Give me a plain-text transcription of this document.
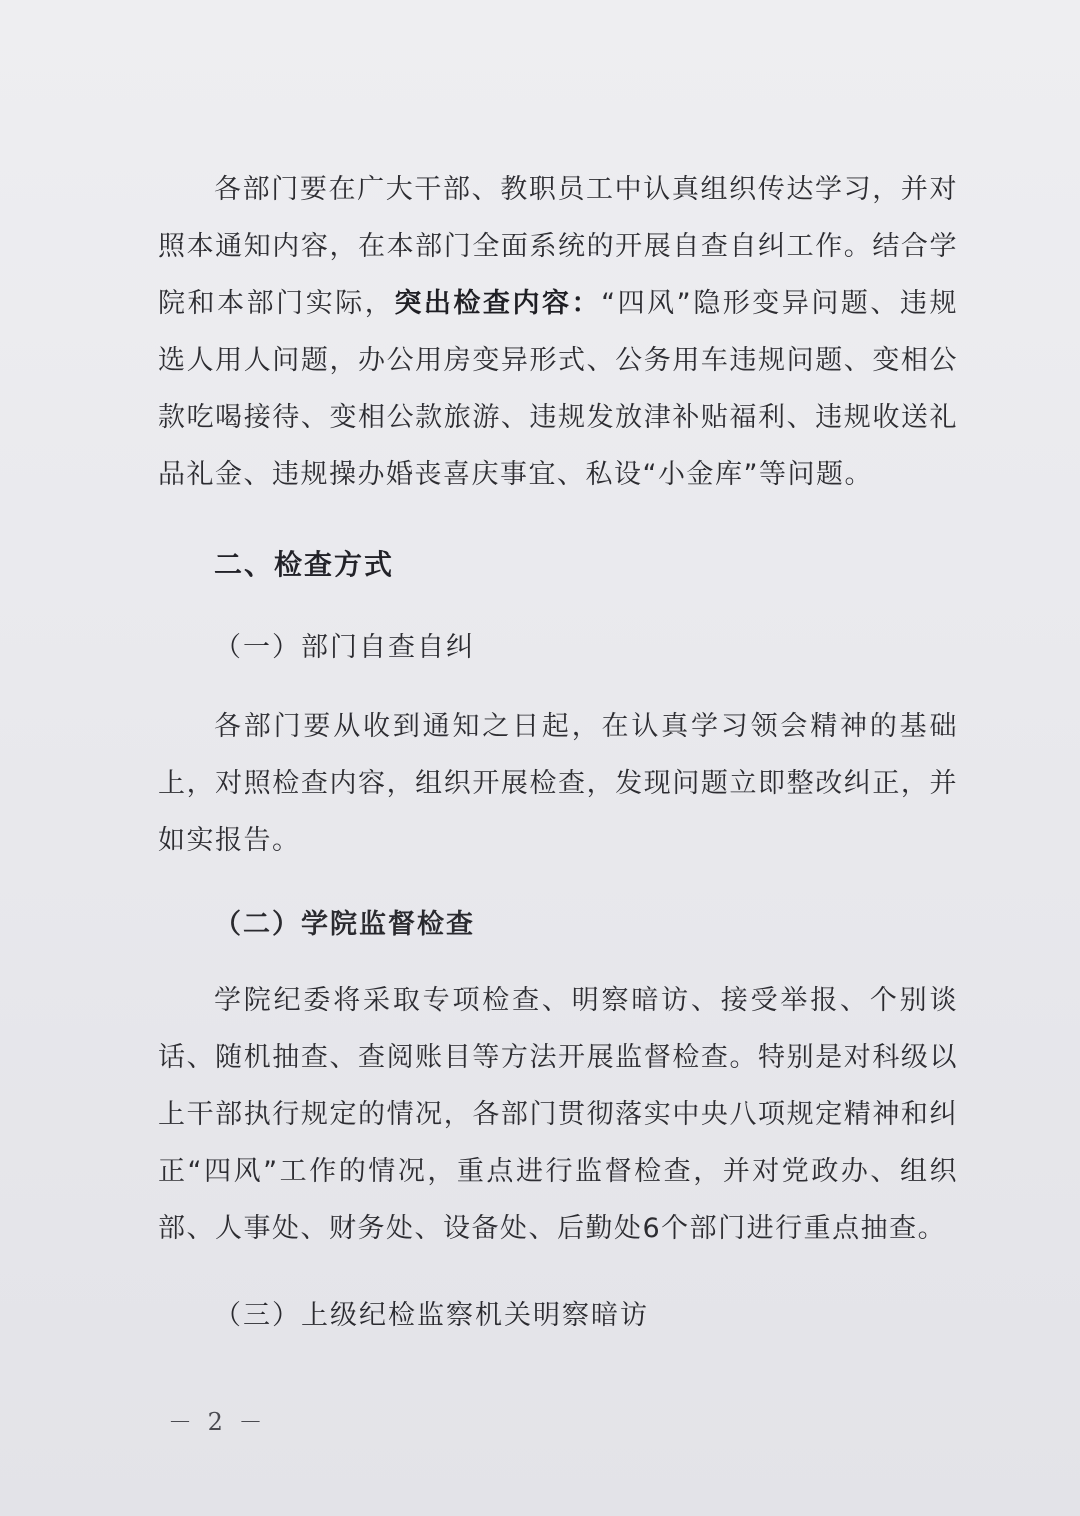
各部门要在广大干部、教职员工中认真组织传达学习，并对照本通知内容，在本部门全面系统的开展自查自纠工作。结合学院和本部门实际，突出检查内容：“四风”隐形变异问题、违规选人用人问题，办公用房变异形式、公务用车违规问题、变相公款吃喝接待、变相公款旅游、违规发放津补贴福利、违规收送礼品礼金、违规操办婚丧喜庆事宜、私设“小金库”等问题。
二、检查方式
（一）部门自查自纠
各部门要从收到通知之日起，在认真学习领会精神的基础上，对照检查内容，组织开展检查，发现问题立即整改纠正，并如实报告。
（二）学院监督检查
学院纪委将采取专项检查、明察暗访、接受举报、个别谈话、随机抽查、查阅账目等方法开展监督检查。特别是对科级以上干部执行规定的情况，各部门贯彻落实中央八项规定精神和纠正“四风”工作的情况，重点进行监督检查，并对党政办、组织部、人事处、财务处、设备处、后勤处6个部门进行重点抽查。
（三）上级纪检监察机关明察暗访
－ 2 －
